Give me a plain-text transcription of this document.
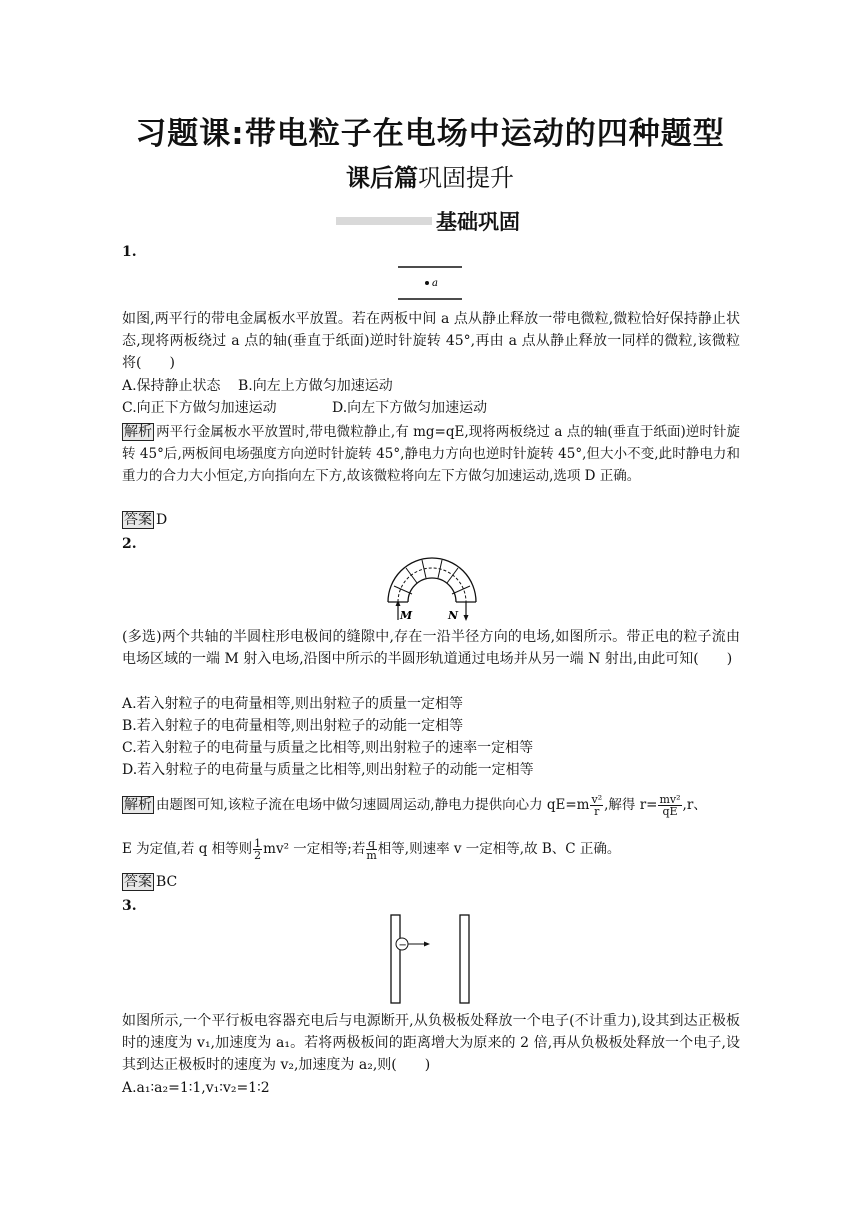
习题课:带电粒子在电场中运动的四种题型
课后篇巩固提升
基础巩固
1.
a
如图,两平行的带电金属板水平放置。若在两板中间 a 点从静止释放一带电微粒,微粒恰好保持静止状态,现将两板绕过 a 点的轴(垂直于纸面)逆时针旋转 45°,再由 a 点从静止释放一同样的微粒,该微粒将(　　)
A.保持静止状态 B.向左上方做匀加速运动
C.向正下方做匀加速运动	D.向左下方做匀加速运动
解析 两平行金属板水平放置时,带电微粒静止,有 mg=qE,现将两板绕过 a 点的轴(垂直于纸面)逆时针旋转 45°后,两板间电场强度方向逆时针旋转 45°,静电力方向也逆时针旋转 45°,但大小不变,此时静电力和重力的合力大小恒定,方向指向左下方,故该微粒将向左下方做匀加速运动,选项 D 正确。
答案 D
2.
M	N
(多选)两个共轴的半圆柱形电极间的缝隙中,存在一沿半径方向的电场,如图所示。带正电的粒子流由电场区域的一端 M 射入电场,沿图中所示的半圆形轨道通过电场并从另一端 N 射出,由此可知(　　)
A.若入射粒子的电荷量相等,则出射粒子的质量一定相等
B.若入射粒子的电荷量相等,则出射粒子的动能一定相等
C.若入射粒子的电荷量与质量之比相等,则出射粒子的速率一定相等
D.若入射粒子的电荷量与质量之比相等,则出射粒子的动能一定相等
解析 由题图可知,该粒子流在电场中做匀速圆周运动,静电力提供向心力 $qE=m \frac{\text{v²}}{r}$ ,解得 $r= \frac{\text{mv²}}{qE} ,r$、
E 为定值,若 q 相等则 $\frac{1}{2} mv^2$ 一定相等;若 $\frac{q}{m}$ 相等,则速率 v 一定相等,故 B、C 正确。
答案 BC
3.
−
如图所示,一个平行板电容器充电后与电源断开,从负极板处释放一个电子(不计重力),设其到达正极板时的速度为 v₁,加速度为 a₁。若将两极板间的距离增大为原来的 2 倍,再从负极板处释放一个电子,设其到达正极板时的速度为 v₂,加速度为 a₂,则(　　)
A.a₁∶a₂=1∶1,v₁∶v₂=1∶2
